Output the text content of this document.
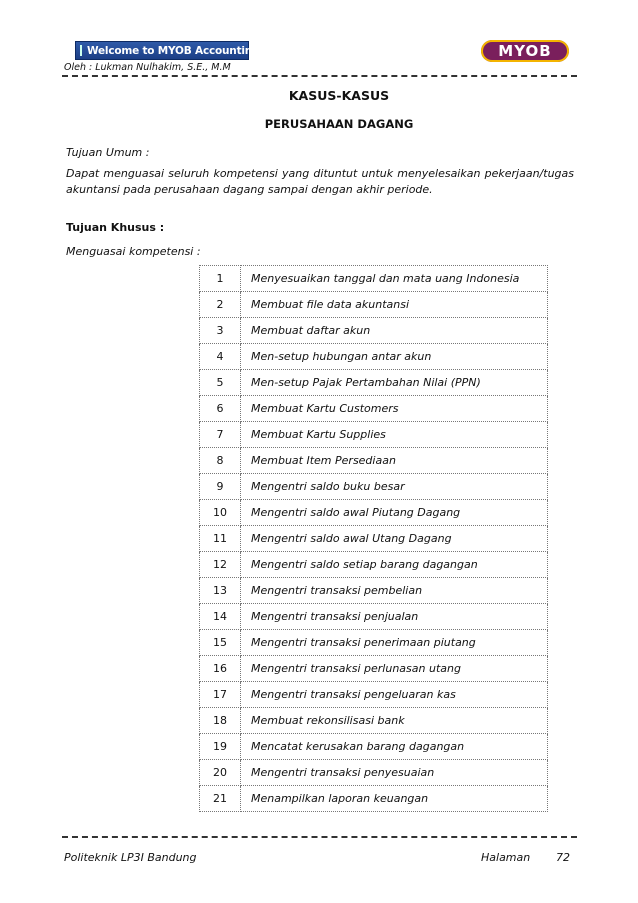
Welcome to MYOB Accounting	MYOB
Oleh : Lukman Nulhakim, S.E., M.M
KASUS-KASUS
PERUSAHAAN DAGANG
Tujuan Umum :
Dapat menguasai seluruh kompetensi yang dituntut untuk menyelesaikan pekerjaan/tugas akuntansi pada perusahaan dagang sampai dengan akhir periode.
Tujuan Khusus :
Menguasai kompetensi :
1	Menyesuaikan tanggal dan mata uang Indonesia
2	Membuat file data akuntansi
3	Membuat daftar akun
4	Men-setup hubungan antar akun
5	Men-setup Pajak Pertambahan Nilai (PPN)
6	Membuat Kartu Customers
7	Membuat Kartu Supplies
8	Membuat Item Persediaan
9	Mengentri saldo buku besar
10	Mengentri saldo awal Piutang Dagang
11	Mengentri saldo awal Utang Dagang
12	Mengentri saldo setiap barang dagangan
13	Mengentri transaksi pembelian
14	Mengentri transaksi penjualan
15	Mengentri transaksi penerimaan piutang
16	Mengentri transaksi perlunasan utang
17	Mengentri transaksi pengeluaran kas
18	Membuat rekonsilisasi bank
19	Mencatat kerusakan barang dagangan
20	Mengentri transaksi penyesuaian
21	Menampilkan laporan keuangan
Politeknik LP3I Bandung	Halaman 72
